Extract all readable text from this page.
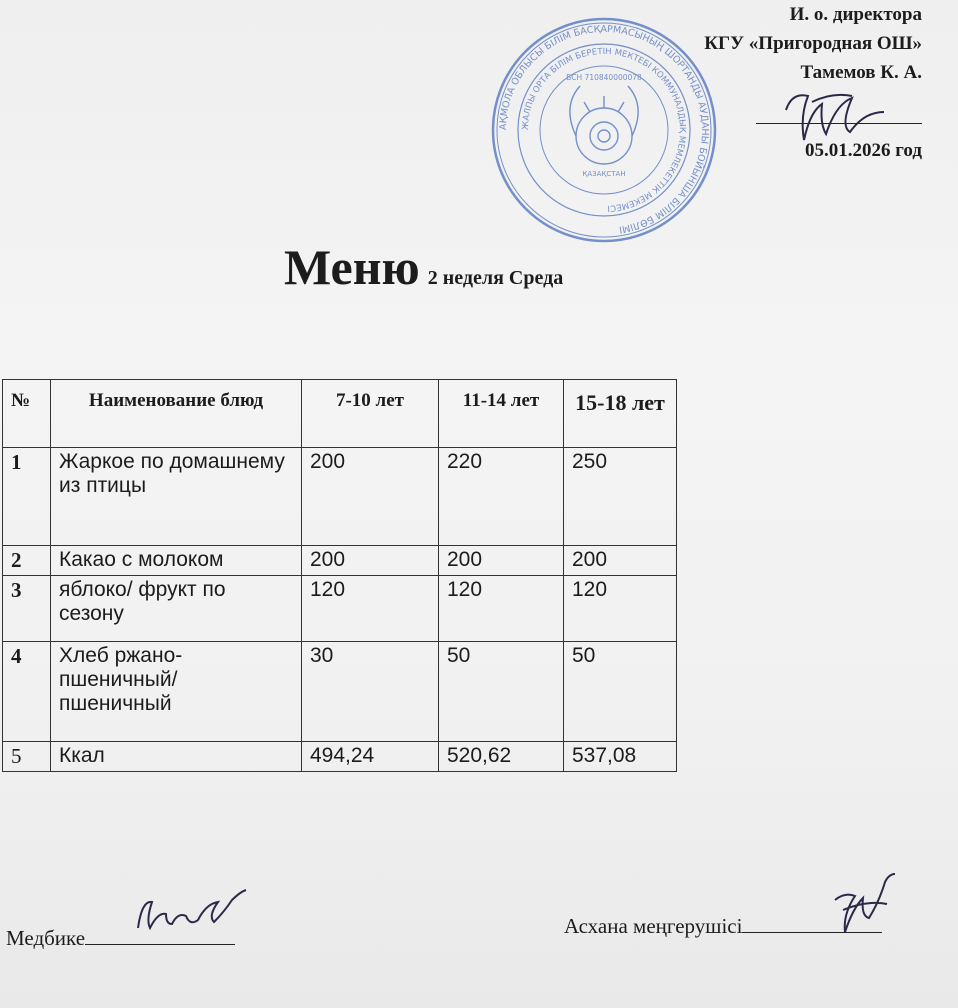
И. о. директора
КГУ «Пригородная ОШ»
Тамемов К. А.
05.01.2026 год
АҚМОЛА ОБЛЫСЫ БІЛІМ БАСҚАРМАСЫНЫҢ ШОРТАНДЫ АУДАНЫ БОЙЫНША БІЛІМ БӨЛІМІ
ЖАЛПЫ ОРТА БІЛІМ БЕРЕТІН МЕКТЕБІ КОММУНАЛДЫҚ МЕМЛЕКЕТТІК МЕКЕМЕСІ
БСН 710840000078
ҚАЗАҚСТАН
Меню 2 неделя Среда
№	Наименование блюд	7-10 лет	11-14 лет	15-18 лет
1	Жаркое по домашнему из птицы	200	220	250
2	Какао с молоком	200	200	200
3	яблоко/ фрукт по сезону	120	120	120
4	Хлеб ржано- пшеничный/ пшеничный	30	50	50
5	Ккал	494,24	520,62	537,08
Медбике	Асхана меңгерушісі
